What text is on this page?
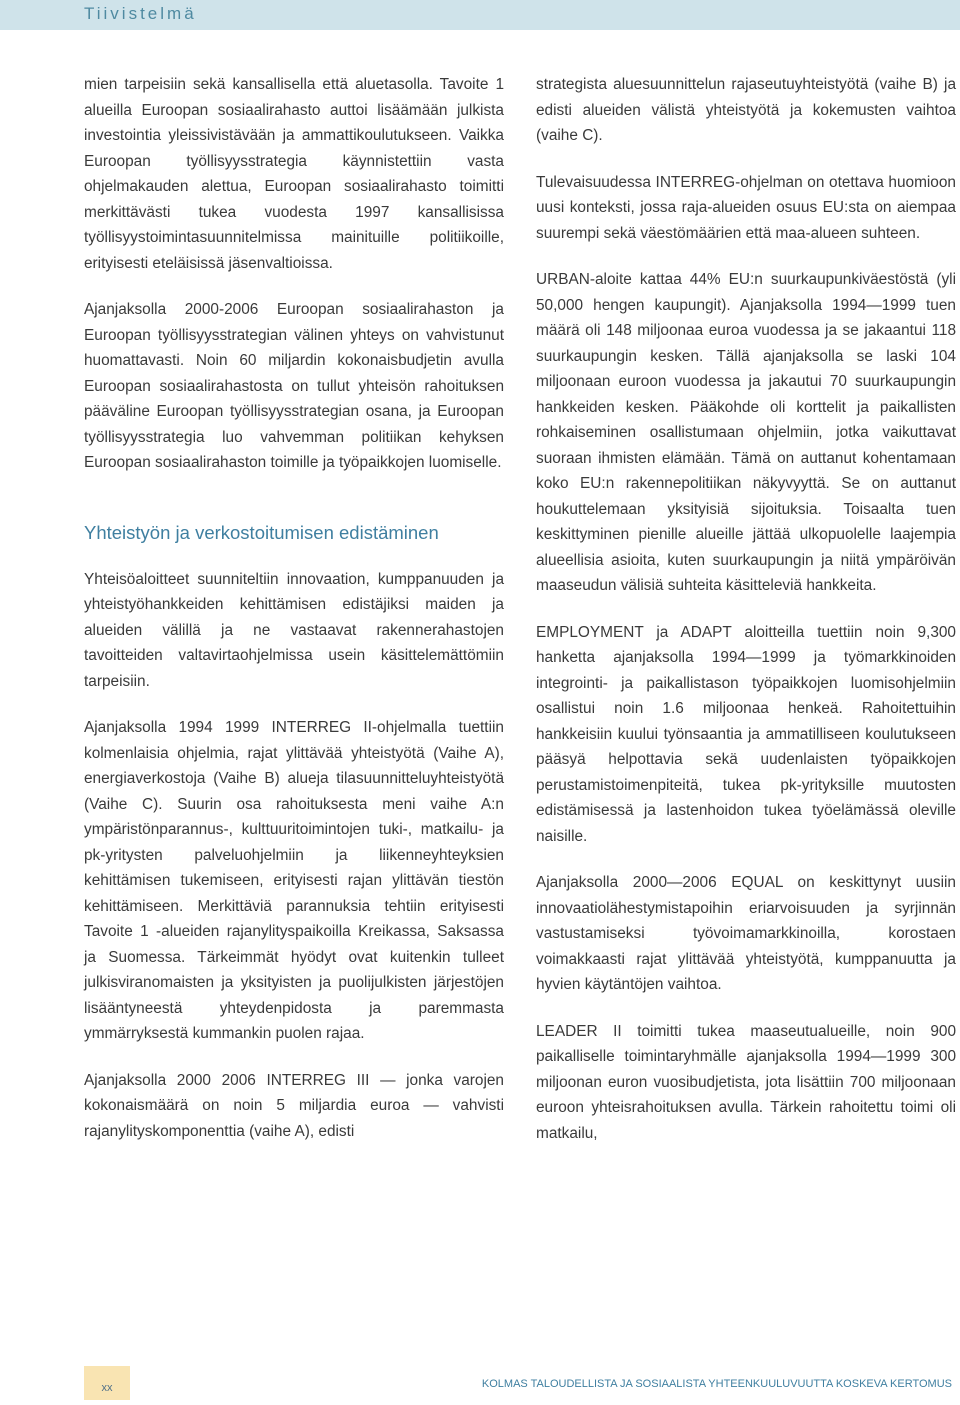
Tiivistelmä

mien tarpeisiin sekä kansallisella että aluetasolla. Tavoite 1 alueilla Euroopan sosiaalirahasto auttoi lisäämään julkista investointia yleissivistävään ja ammattikoulutukseen. Vaikka Euroopan työllisyysstrategia käynnistettiin vasta ohjelmakauden alettua, Euroopan sosiaalirahasto toimitti merkittävästi tukea vuodesta 1997 kansallisissa työllisyystoimintasuunnitelmissa mainituille politiikoille, erityisesti eteläisissä jäsenvaltioissa.

Ajanjaksolla 2000-2006 Euroopan sosiaalirahaston ja Euroopan työllisyysstrategian välinen yhteys on vahvistunut huomattavasti. Noin 60 miljardin kokonaisbudjetin avulla Euroopan sosiaalirahastosta on tullut yhteisön rahoituksen pääväline Euroopan työllisyysstrategian osana, ja Euroopan työllisyysstrategia luo vahvemman politiikan kehyksen Euroopan sosiaalirahaston toimille ja työpaikkojen luomiselle.

Yhteistyön ja verkostoitumisen edistäminen

Yhteisöaloitteet suunniteltiin innovaation, kumppanuuden ja yhteistyöhankkeiden kehittämisen edistäjiksi maiden ja alueiden välillä ja ne vastaavat rakennerahastojen tavoitteiden valtavirtaohjelmissa usein käsittelemättömiin tarpeisiin.

Ajanjaksolla 1994 1999 INTERREG II-ohjelmalla tuettiin kolmenlaisia ohjelmia, rajat ylittävää yhteistyötä (Vaihe A), energiaverkostoja (Vaihe B) alueja tilasuunnitteluyhteistyötä (Vaihe C). Suurin osa rahoituksesta meni vaihe A:n ympäristönparannus-, kulttuuritoimintojen tuki-, matkailu- ja pk-yritysten palveluohjelmiin ja liikenneyhteyksien kehittämisen tukemiseen, erityisesti rajan ylittävän tiestön kehittämiseen. Merkittäviä parannuksia tehtiin erityisesti Tavoite 1 -alueiden rajanylityspaikoilla Kreikassa, Saksassa ja Suomessa. Tärkeimmät hyödyt ovat kuitenkin tulleet julkisviranomaisten ja yksityisten ja puolijulkisten järjestöjen lisääntyneestä yhteydenpidosta ja paremmasta ymmärryksestä kummankin puolen rajaa.

Ajanjaksolla 2000 2006 INTERREG III — jonka varojen kokonaismäärä on noin 5 miljardia euroa — vahvisti rajanylityskomponenttia (vaihe A), edisti

strategista aluesuunnittelun rajaseutuyhteistyötä (vaihe B) ja edisti alueiden välistä yhteistyötä ja kokemusten vaihtoa (vaihe C).

Tulevaisuudessa INTERREG-ohjelman on otettava huomioon uusi konteksti, jossa raja-alueiden osuus EU:sta on aiempaa suurempi sekä väestömäärien että maa-alueen suhteen.

URBAN-aloite kattaa 44% EU:n suurkaupunkiväestöstä (yli 50,000 hengen kaupungit). Ajanjaksolla 1994—1999 tuen määrä oli 148 miljoonaa euroa vuodessa ja se jakaantui 118 suurkaupungin kesken. Tällä ajanjaksolla se laski 104 miljoonaan euroon vuodessa ja jakautui 70 suurkaupungin hankkeiden kesken. Pääkohde oli korttelit ja paikallisten rohkaiseminen osallistumaan ohjelmiin, jotka vaikuttavat suoraan ihmisten elämään. Tämä on auttanut kohentamaan koko EU:n rakennepolitiikan näkyvyyttä. Se on auttanut houkuttelemaan yksityisiä sijoituksia. Toisaalta tuen keskittyminen pienille alueille jättää ulkopuolelle laajempia alueellisia asioita, kuten suurkaupungin ja niitä ympäröivän maaseudun välisiä suhteita käsitteleviä hankkeita.

EMPLOYMENT ja ADAPT aloitteilla tuettiin noin 9,300 hanketta ajanjaksolla 1994—1999 ja työmarkkinoiden integrointi- ja paikallistason työpaikkojen luomisohjelmiin osallistui noin 1.6 miljoonaa henkeä. Rahoitettuihin hankkeisiin kuului työnsaantia ja ammatilliseen koulutukseen pääsyä helpottavia sekä uudenlaisten työpaikkojen perustamistoimenpiteitä, tukea pk-yrityksille muutosten edistämisessä ja lastenhoidon tukea työelämässä oleville naisille.

Ajanjaksolla 2000—2006 EQUAL on keskittynyt uusiin innovaatiolähestymistapoihin eriarvoisuuden ja syrjinnän vastustamiseksi työvoimamarkkinoilla, korostaen voimakkaasti rajat ylittävää yhteistyötä, kumppanuutta ja hyvien käytäntöjen vaihtoa.

LEADER II toimitti tukea maaseutualueille, noin 900 paikalliselle toimintaryhmälle ajanjaksolla 1994—1999 300 miljoonan euron vuosibudjetista, jota lisättiin 700 miljoonaan euroon yhteisrahoituksen avulla. Tärkein rahoitettu toimi oli matkailu,

xx	KOLMAS TALOUDELLISTA JA SOSIAALISTA YHTEENKUULUVUUTTA KOSKEVA KERTOMUS
